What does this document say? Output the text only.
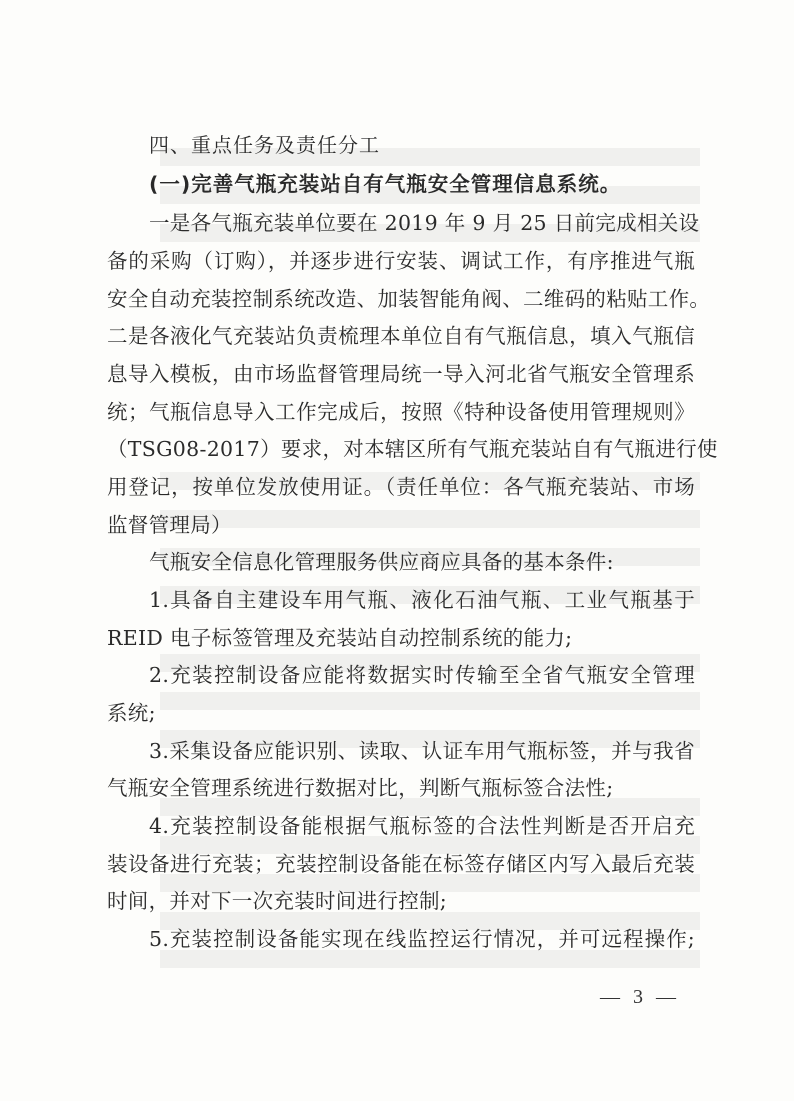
四、重点任务及责任分工
(一)完善气瓶充装站自有气瓶安全管理信息系统。
一是各气瓶充装单位要在 2019 年 9 月 25 日前完成相关设
备的采购（订购），并逐步进行安装、调试工作，有序推进气瓶
安全自动充装控制系统改造、加装智能角阀、二维码的粘贴工作。
二是各液化气充装站负责梳理本单位自有气瓶信息，填入气瓶信
息导入模板，由市场监督管理局统一导入河北省气瓶安全管理系
统；气瓶信息导入工作完成后，按照《特种设备使用管理规则》
（TSG08-2017）要求，对本辖区所有气瓶充装站自有气瓶进行使
用登记，按单位发放使用证。（责任单位：各气瓶充装站、市场
监督管理局）
气瓶安全信息化管理服务供应商应具备的基本条件:
1.具备自主建设车用气瓶、液化石油气瓶、工业气瓶基于
REID 电子标签管理及充装站自动控制系统的能力;
2.充装控制设备应能将数据实时传输至全省气瓶安全管理
系统;
3.采集设备应能识别、读取、认证车用气瓶标签，并与我省
气瓶安全管理系统进行数据对比，判断气瓶标签合法性;
4.充装控制设备能根据气瓶标签的合法性判断是否开启充
装设备进行充装；充装控制设备能在标签存储区内写入最后充装
时间，并对下一次充装时间进行控制;
5.充装控制设备能实现在线监控运行情况，并可远程操作;
— 3 —
